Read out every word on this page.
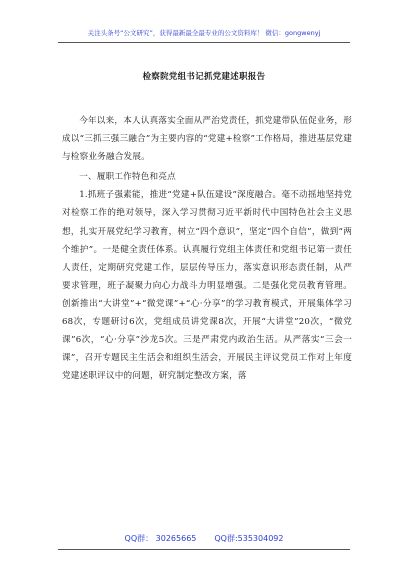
关注头条号“公文研究”，获得最新最全最专业的公文资料库！ 微信：gongwenyj
检察院党组书记抓党建述职报告

今年以来，本人认真落实全面从严治党责任，抓党建带队伍促业务，形成以“三抓三强三融合”为主要内容的“党建+检察”工作格局，推进基层党建与检察业务融合发展。

一、履职工作特色和亮点

1.抓班子强素能，推进“党建+队伍建设”深度融合。毫不动摇地坚持党对检察工作的绝对领导，深入学习贯彻习近平新时代中国特色社会主义思想，扎实开展党纪学习教育，树立“四个意识”，坚定“四个自信”，做到“两个维护”。一是健全责任体系。认真履行党组主体责任和党组书记第一责任人责任，定期研究党建工作，层层传导压力，落实意识形态责任制，从严要求管理，班子凝聚力向心力战斗力明显增强。二是强化党员教育管理。创新推出“大讲堂”+“微党课”+“心·分享”的学习教育模式，开展集体学习68次，专题研讨6次，党组成员讲党课8次，开展“大讲堂”20次，“微党课”6次，“心·分享”沙龙5次。三是严肃党内政治生活。从严落实“三会一课”，召开专题民主生活会和组织生活会，开展民主评议党员工作对上年度党建述职评议中的问题，研究制定整改方案，落

QQ群： 30265665 QQ群:535304092
